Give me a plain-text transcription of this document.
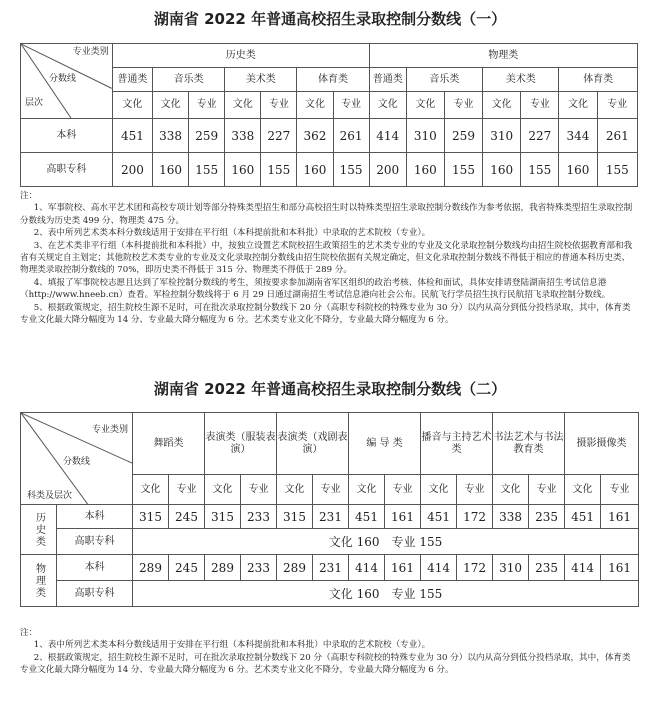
湖南省 2022 年普通高校招生录取控制分数线（一）
专业类别
分数线
层次	历史类							物理类						
	普通类	音乐类		美术类		体育类		普通类	音乐类		美术类		体育类	
	文化	文化	专业	文化	专业	文化	专业	文化	文化	专业	文化	专业	文化	专业
本科	451	338	259	338	227	362	261	414	310	259	310	227	344	261
高职专科	200	160	155	160	155	160	155	200	160	155	160	155	160	155

注：

1、军事院校、高水平艺术团和高校专项计划等部分特殊类型招生和部分高校招生时以特殊类型招生录取控制分数线作为参考依据，我省特殊类型招生录取控制分数线为历史类 499 分、物理类 475 分。

2、表中所列艺术类本科分数线适用于安排在平行组（本科提前批和本科批）中录取的艺术院校（专业）。

3、在艺术类非平行组（本科提前批和本科批）中，按独立设置艺术院校招生政策招生的艺术类专业的专业及文化录取控制分数线均由招生院校依据教育部和我省有关规定自主划定；其他院校艺术类专业的专业及文化录取控制分数线由招生院校依据有关规定确定，但文化录取控制分数线不得低于相应的普通本科历史类、物理类录取控制分数线的 70%，即历史类不得低于 315 分、物理类不得低于 289 分。

4、填报了军事院校志愿且达到了军检控制分数线的考生，须按要求参加湖南省军区组织的政治考核、体检和面试，具体安排请登陆湖南招生考试信息港（http://www.hneeb.cn）查看。军检控制分数线将于 6 月 29 日通过湖南招生考试信息港向社会公布。民航飞行学员招生执行民航招飞录取控制分数线。

5、根据政策规定，招生院校生源不足时，可在批次录取控制分数线下 20 分（高职专科院校的特殊专业为 30 分）以内从高分到低分投档录取，其中，体育类专业文化最大降分幅度为 14 分、专业最大降分幅度为 6 分。艺术类专业文化不降分，专业最大降分幅度为 6 分。

湖南省 2022 年普通高校招生录取控制分数线（二）
专业类别
分数线
科类及层次		舞蹈类		表演类（服装表演）		表演类（戏剧表演）		编 导 类		播音与主持艺术类		书法艺术与书法教育类		摄影摄像类	
		文化	专业	文化	专业	文化	专业	文化	专业	文化	专业	文化	专业	文化	专业
历史类	本科	315	245	315	233	315	231	451	161	451	172	338	235	451	161
	高职专科	文化 160　专业 155													
物理类	本科	289	245	289	233	289	231	414	161	414	172	310	235	414	161
	高职专科	文化 160　专业 155													

注：

1、表中所列艺术类本科分数线适用于安排在平行组（本科提前批和本科批）中录取的艺术院校（专业）。

2、根据政策规定，招生院校生源不足时，可在批次录取控制分数线下 20 分（高职专科院校的特殊专业为 30 分）以内从高分到低分投档录取，其中，体育类专业文化最大降分幅度为 14 分、专业最大降分幅度为 6 分。艺术类专业文化不降分，专业最大降分幅度为 6 分。
